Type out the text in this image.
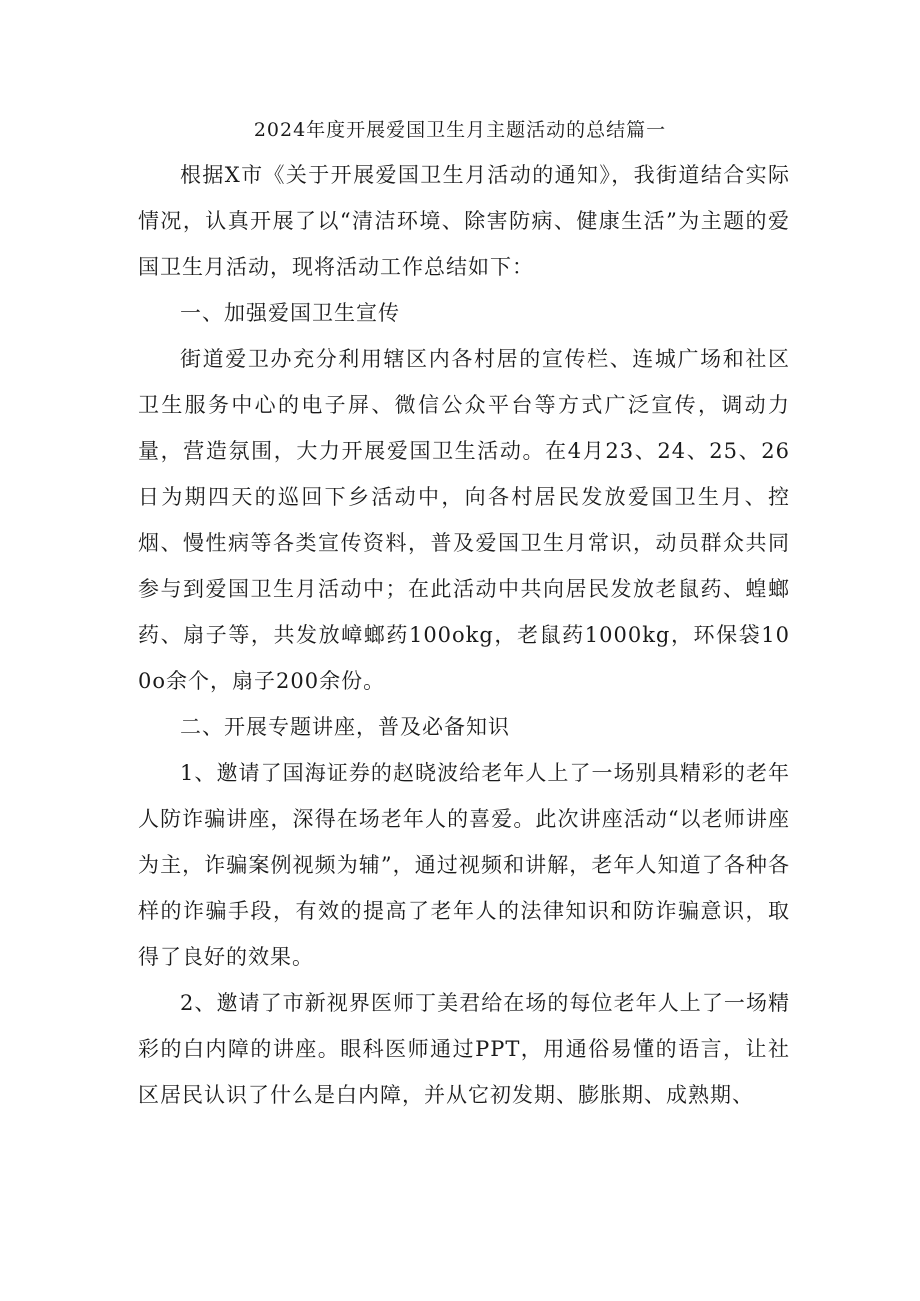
2024年度开展爱国卫生月主题活动的总结篇一

根据X市《关于开展爱国卫生月活动的通知》，我街道结合实际情况，认真开展了以“清洁环境、除害防病、健康生活”为主题的爱国卫生月活动，现将活动工作总结如下：

一、加强爱国卫生宣传

街道爱卫办充分利用辖区内各村居的宣传栏、连城广场和社区卫生服务中心的电子屏、微信公众平台等方式广泛宣传，调动力量，营造氛围，大力开展爱国卫生活动。在4月23、24、25、26日为期四天的巡回下乡活动中，向各村居民发放爱国卫生月、控烟、慢性病等各类宣传资料，普及爱国卫生月常识，动员群众共同参与到爱国卫生月活动中；在此活动中共向居民发放老鼠药、蝗螂药、扇子等，共发放嶂螂药100okg，老鼠药1000kg，环保袋100o余个，扇子200余份。

二、开展专题讲座，普及必备知识

1、邀请了国海证券的赵晓波给老年人上了一场别具精彩的老年人防诈骗讲座，深得在场老年人的喜爱。此次讲座活动“以老师讲座为主，诈骗案例视频为辅”，通过视频和讲解，老年人知道了各种各样的诈骗手段，有效的提高了老年人的法律知识和防诈骗意识，取得了良好的效果。

2、邀请了市新视界医师丁美君给在场的每位老年人上了一场精彩的白内障的讲座。眼科医师通过PPT，用通俗易懂的语言，让社区居民认识了什么是白内障，并从它初发期、膨胀期、成熟期、
